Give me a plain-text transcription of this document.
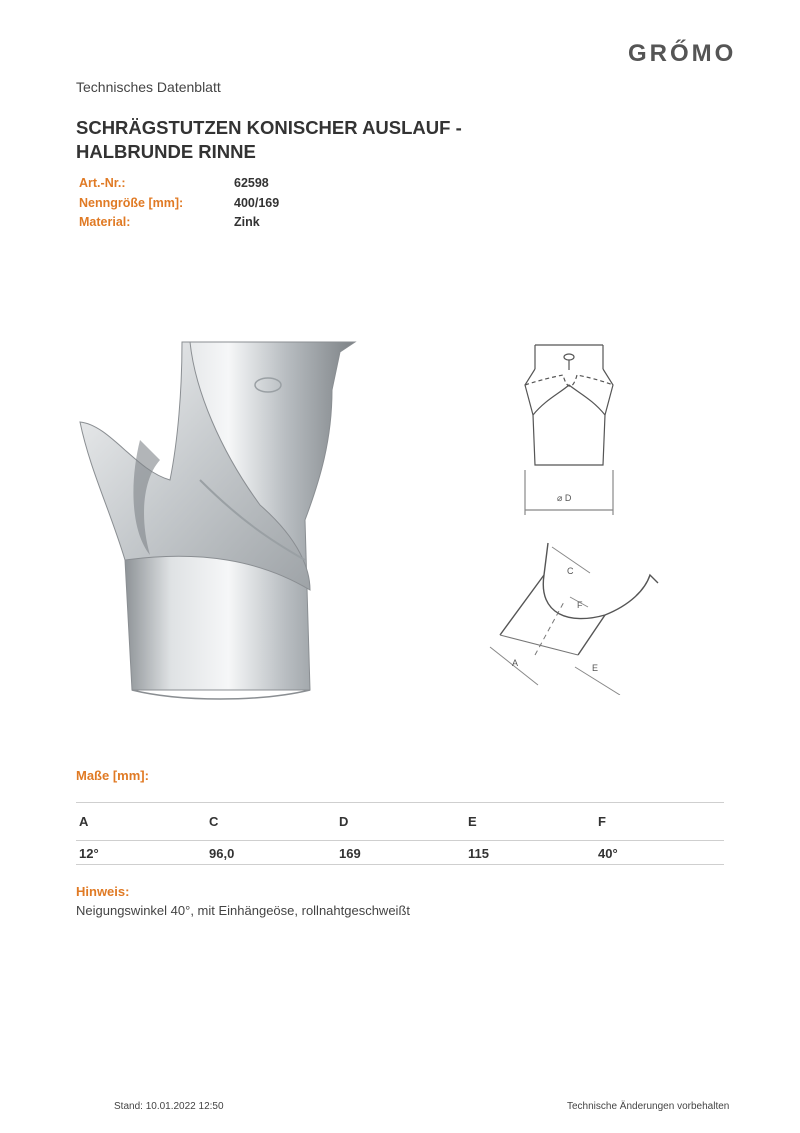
GRŐMO
Technisches Datenblatt
SCHRÄGSTUTZEN KONISCHER AUSLAUF -
HALBRUNDE RINNE
Art.-Nr.:	62598
Nenngröße [mm]:	400/169
Material:	Zink
⌀ D
C
F
A	E
Maße [mm]:
A	C	D	E	F
12°	96,0	169	115	40°
Hinweis:
Neigungswinkel 40°, mit Einhängeöse, rollnahtgeschweißt
Stand: 10.01.2022 12:50	Technische Änderungen vorbehalten
